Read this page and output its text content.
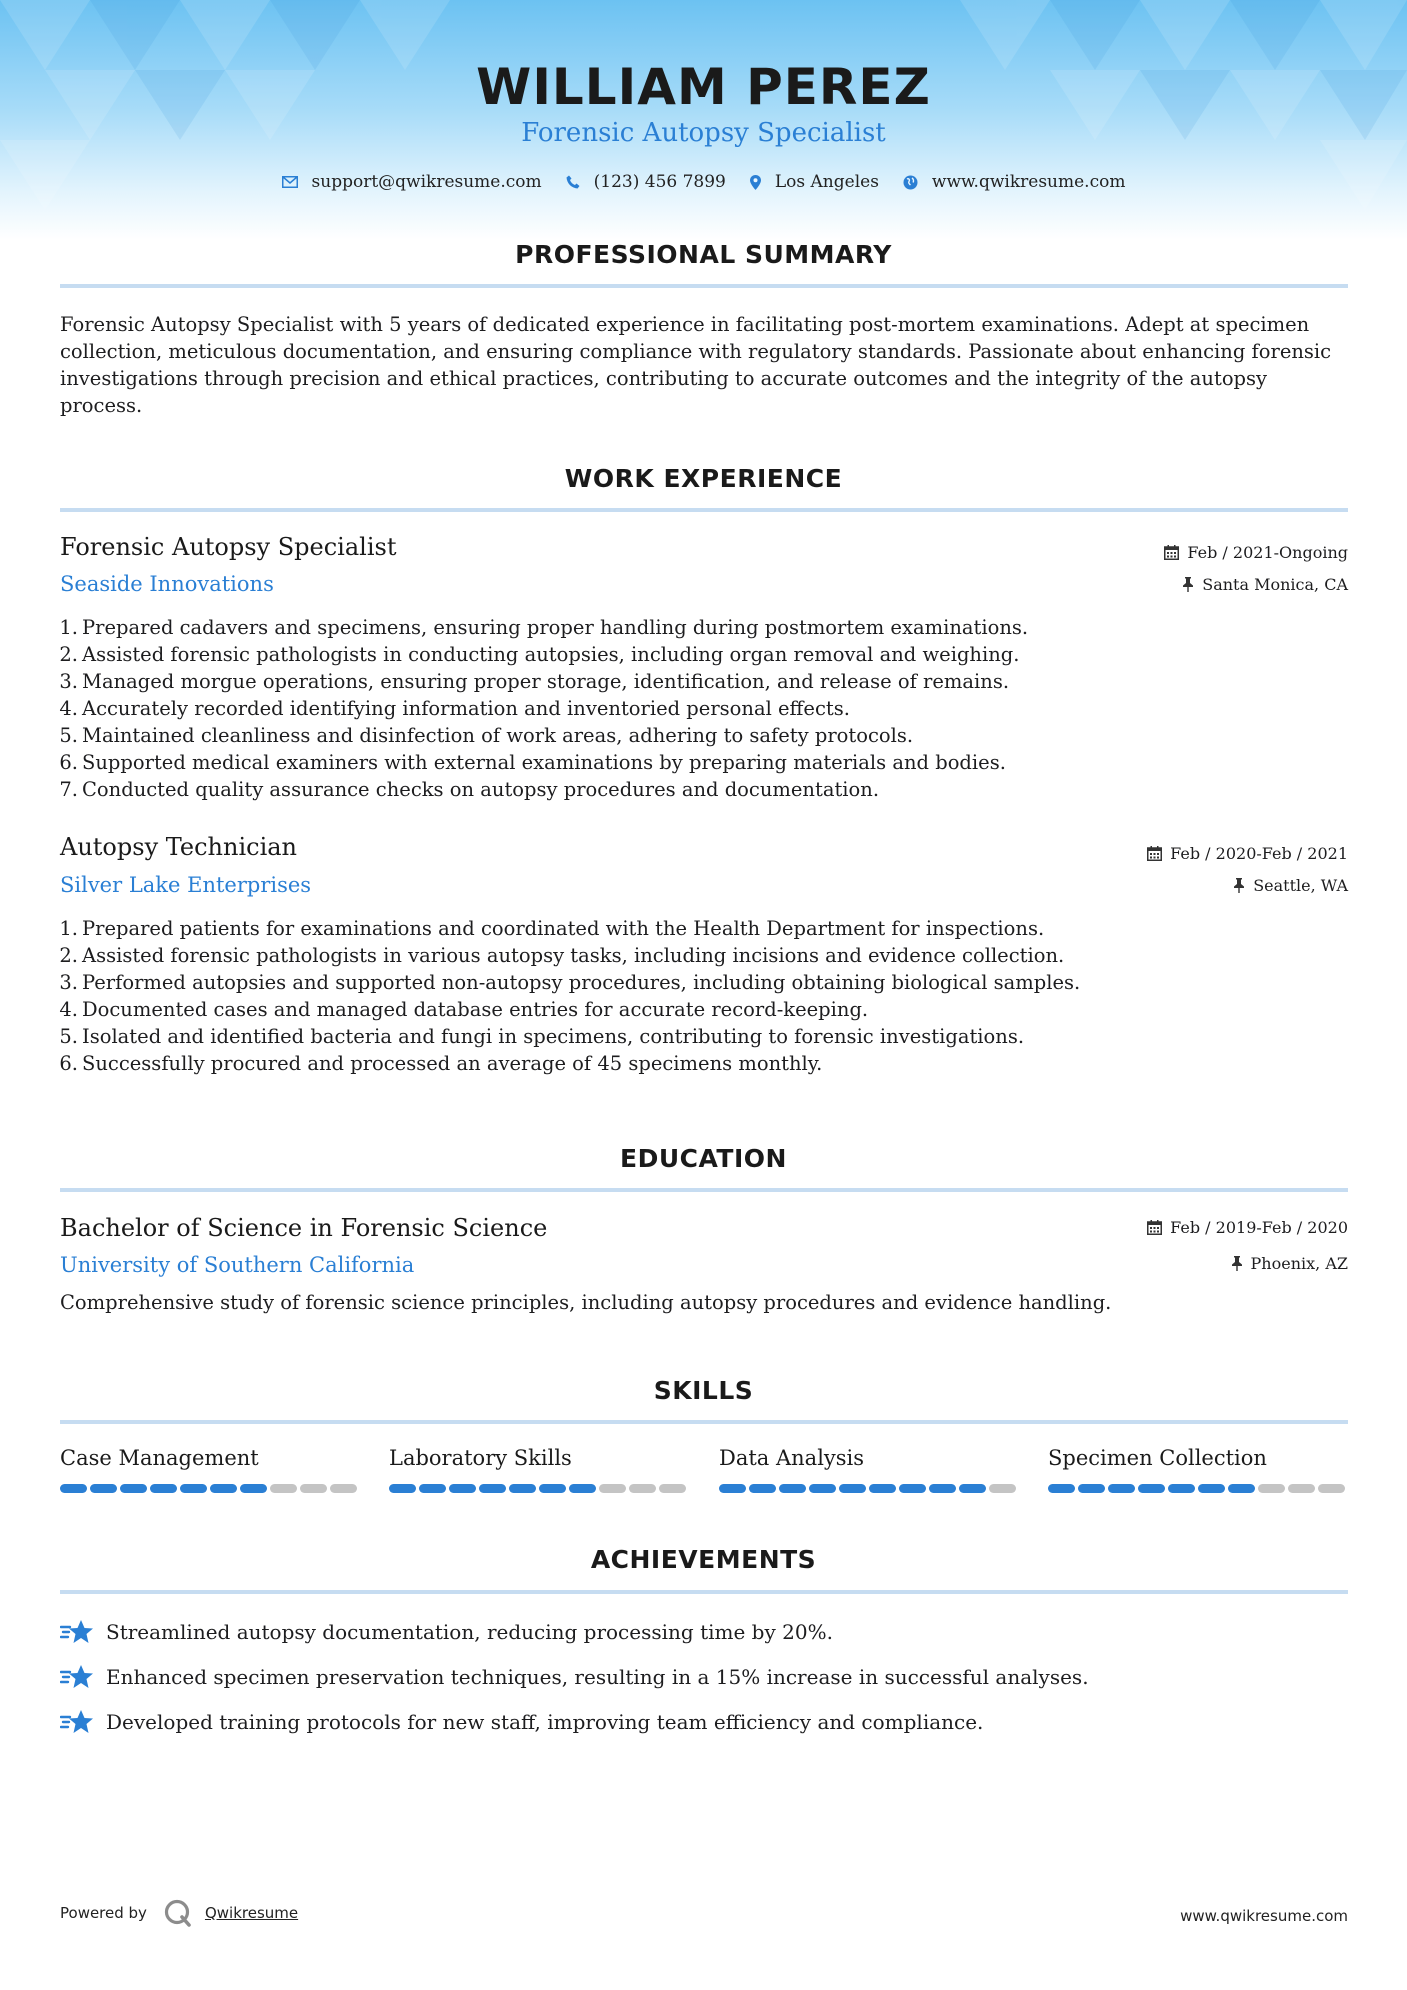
WILLIAM PEREZ
Forensic Autopsy Specialist
support@qwikresume.com	(123) 456 7899	Los Angeles	www.qwikresume.com
PROFESSIONAL SUMMARY
Forensic Autopsy Specialist with 5 years of dedicated experience in facilitating post-mortem examinations. Adept at specimen collection, meticulous documentation, and ensuring compliance with regulatory standards. Passionate about enhancing forensic investigations through precision and ethical practices, contributing to accurate outcomes and the integrity of the autopsy process.
WORK EXPERIENCE
Forensic Autopsy Specialist
Seaside Innovations
Feb / 2021-Ongoing
Santa Monica, CA
1. Prepared cadavers and specimens, ensuring proper handling during postmortem examinations.
2. Assisted forensic pathologists in conducting autopsies, including organ removal and weighing.
3. Managed morgue operations, ensuring proper storage, identification, and release of remains.
4. Accurately recorded identifying information and inventoried personal effects.
5. Maintained cleanliness and disinfection of work areas, adhering to safety protocols.
6. Supported medical examiners with external examinations by preparing materials and bodies.
7. Conducted quality assurance checks on autopsy procedures and documentation.
Autopsy Technician
Silver Lake Enterprises
Feb / 2020-Feb / 2021
Seattle, WA
1. Prepared patients for examinations and coordinated with the Health Department for inspections.
2. Assisted forensic pathologists in various autopsy tasks, including incisions and evidence collection.
3. Performed autopsies and supported non-autopsy procedures, including obtaining biological samples.
4. Documented cases and managed database entries for accurate record-keeping.
5. Isolated and identified bacteria and fungi in specimens, contributing to forensic investigations.
6. Successfully procured and processed an average of 45 specimens monthly.
EDUCATION
Bachelor of Science in Forensic Science
University of Southern California
Feb / 2019-Feb / 2020
Phoenix, AZ
Comprehensive study of forensic science principles, including autopsy procedures and evidence handling.
SKILLS
Case Management	Laboratory Skills	Data Analysis	Specimen Collection
ACHIEVEMENTS
Streamlined autopsy documentation, reducing processing time by 20%.
Enhanced specimen preservation techniques, resulting in a 15% increase in successful analyses.
Developed training protocols for new staff, improving team efficiency and compliance.
Powered by	Qwikresume	www.qwikresume.com
